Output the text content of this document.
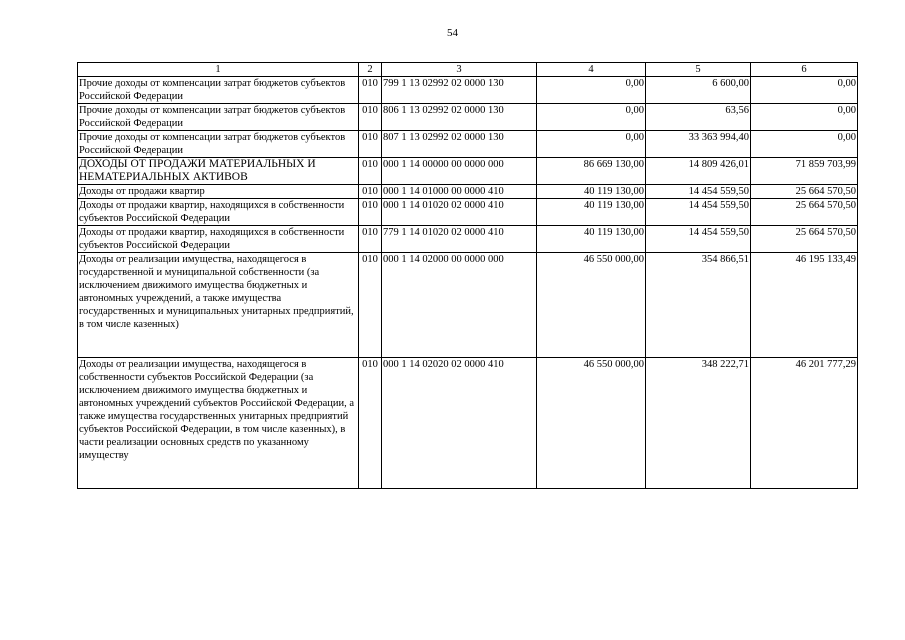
54
1	2	3	4	5	6
Прочие доходы от компенсации затрат бюджетов субъектов Российской Федерации	010	799 1 13 02992 02 0000 130	0,00	6 600,00	0,00
Прочие доходы от компенсации затрат бюджетов субъектов Российской Федерации	010	806 1 13 02992 02 0000 130	0,00	63,56	0,00
Прочие доходы от компенсации затрат бюджетов субъектов Российской Федерации	010	807 1 13 02992 02 0000 130	0,00	33 363 994,40	0,00
ДОХОДЫ ОТ ПРОДАЖИ МАТЕРИАЛЬНЫХ И НЕМАТЕРИАЛЬНЫХ АКТИВОВ	010	000 1 14 00000 00 0000 000	86 669 130,00	14 809 426,01	71 859 703,99
Доходы от продажи квартир	010	000 1 14 01000 00 0000 410	40 119 130,00	14 454 559,50	25 664 570,50
Доходы от продажи квартир, находящихся в собственности субъектов Российской Федерации	010	000 1 14 01020 02 0000 410	40 119 130,00	14 454 559,50	25 664 570,50
Доходы от продажи квартир, находящихся в собственности субъектов Российской Федерации	010	779 1 14 01020 02 0000 410	40 119 130,00	14 454 559,50	25 664 570,50
Доходы от реализации имущества, находящегося в государственной и муниципальной собственности (за исключением движимого имущества бюджетных и автономных учреждений, а также имущества государственных и муниципальных унитарных предприятий, в том числе казенных)	010	000 1 14 02000 00 0000 000	46 550 000,00	354 866,51	46 195 133,49
Доходы от реализации имущества, находящегося в собственности субъектов Российской Федерации (за исключением движимого имущества бюджетных и автономных учреждений субъектов Российской Федерации, а также имущества государственных унитарных предприятий субъектов Российской Федерации, в том числе казенных), в части реализации основных средств по указанному имуществу	010	000 1 14 02020 02 0000 410	46 550 000,00	348 222,71	46 201 777,29
